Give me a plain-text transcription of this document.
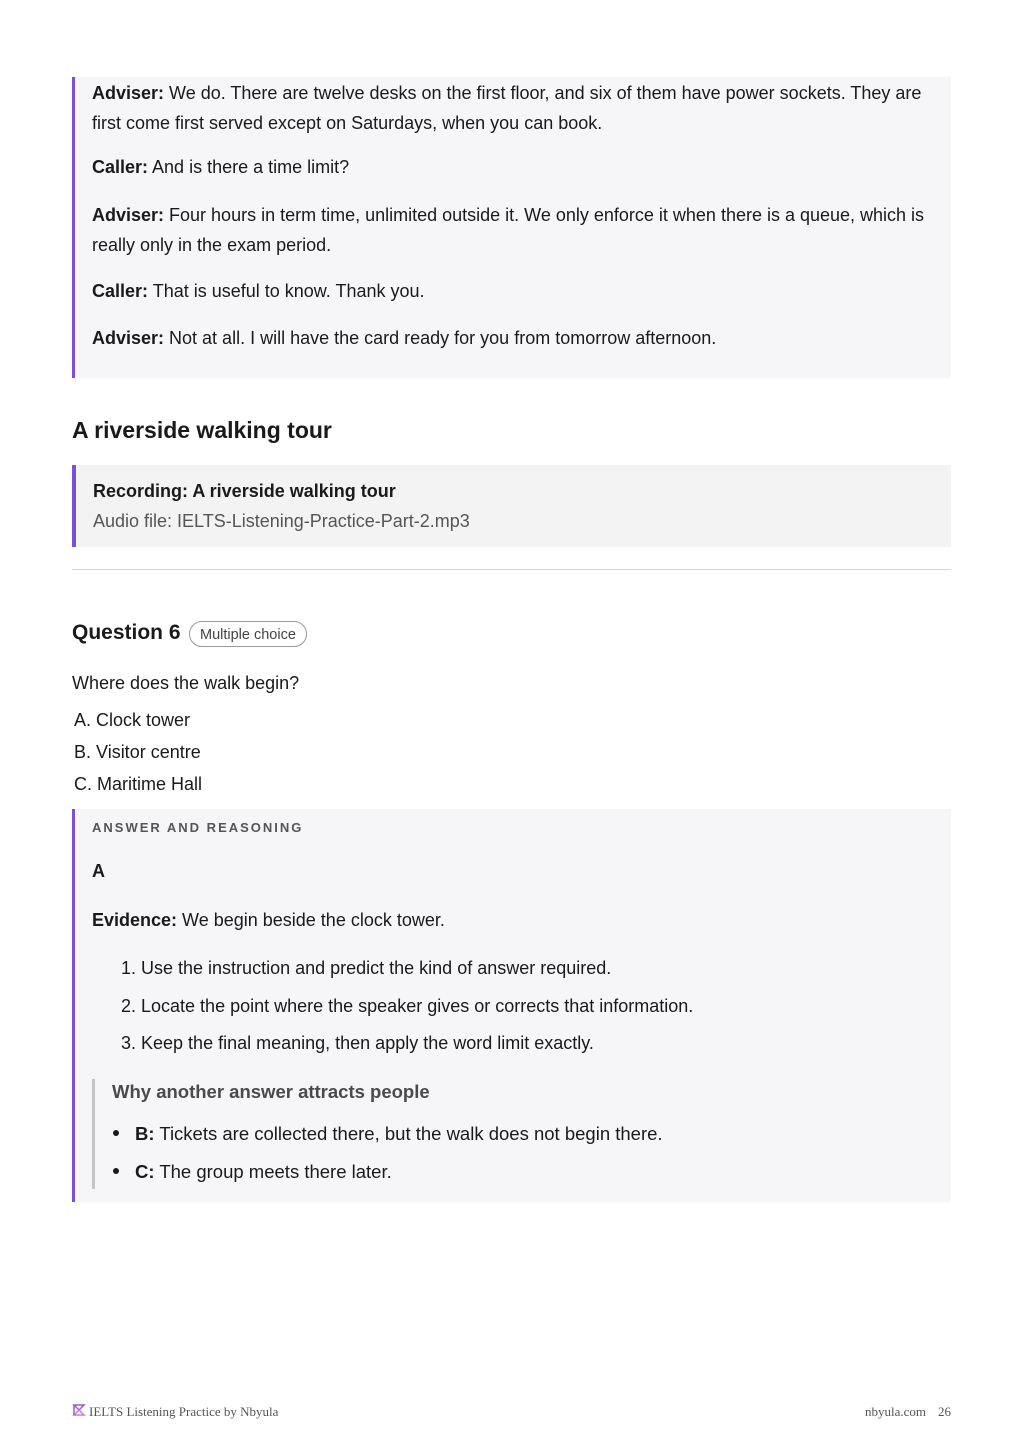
Adviser: We do. There are twelve desks on the first floor, and six of them have power sockets. They are first come first served except on Saturdays, when you can book.

Caller: And is there a time limit?

Adviser: Four hours in term time, unlimited outside it. We only enforce it when there is a queue, which is really only in the exam period.

Caller: That is useful to know. Thank you.

Adviser: Not at all. I will have the card ready for you from tomorrow afternoon.

A riverside walking tour
Recording: A riverside walking tour
Audio file: IELTS-Listening-Practice-Part-2.mp3
Question 6	Multiple choice
Where does the walk begin?
A. Clock tower
B. Visitor centre
C. Maritime Hall
ANSWER AND REASONING
A
Evidence: We begin beside the clock tower.
1. Use the instruction and predict the kind of answer required.
2. Locate the point where the speaker gives or corrects that information.
3. Keep the final meaning, then apply the word limit exactly.
Why another answer attracts people
B: Tickets are collected there, but the walk does not begin there.
C: The group meets there later.
IELTS Listening Practice by Nbyula	nbyula.com 26
